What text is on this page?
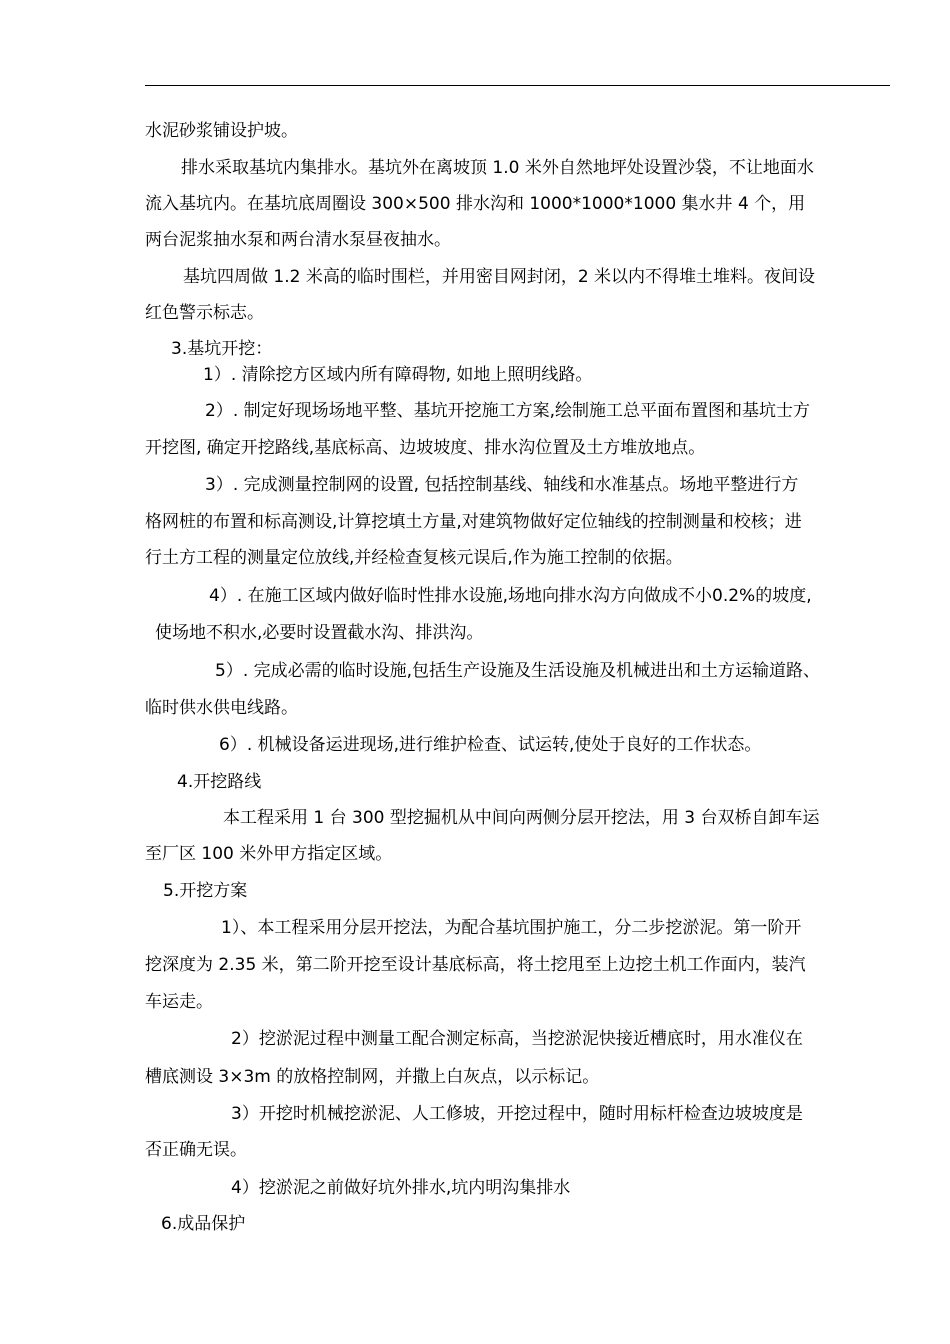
水泥砂浆铺设护坡。
排水采取基坑内集排水。基坑外在离坡顶 1.0 米外自然地坪处设置沙袋，不让地面水
流入基坑内。在基坑底周圈设 300×500 排水沟和 1000*1000*1000 集水井 4 个，用
两台泥浆抽水泵和两台清水泵昼夜抽水。
基坑四周做 1.2 米高的临时围栏，并用密目网封闭，2 米以内不得堆土堆料。夜间设
红色警示标志。
3.基坑开挖：
1）. 清除挖方区域内所有障碍物, 如地上照明线路。
2）. 制定好现场场地平整、基坑开挖施工方案,绘制施工总平面布置图和基坑士方
开挖图, 确定开挖路线,基底标高、边坡坡度、排水沟位置及土方堆放地点。
3）. 完成测量控制网的设置, 包括控制基线、轴线和水准基点。场地平整进行方
格网桩的布置和标高测设,计算挖填土方量,对建筑物做好定位轴线的控制测量和校核；进
行土方工程的测量定位放线,并经检查复核元误后,作为施工控制的依据。
4）. 在施工区域内做好临时性排水设施,场地向排水沟方向做成不小0.2%的坡度,
使场地不积水,必要时设置截水沟、排洪沟。
5）. 完成必需的临时设施,包括生产设施及生活设施及机械进出和土方运输道路、
临时供水供电线路。
6）. 机械设备运进现场,进行维护检查、试运转,使处于良好的工作状态。
4.开挖路线
本工程采用 1 台 300 型挖掘机从中间向两侧分层开挖法，用 3 台双桥自卸车运
至厂区 100 米外甲方指定区域。
5.开挖方案
1）、本工程采用分层开挖法，为配合基坑围护施工，分二步挖淤泥。第一阶开
挖深度为 2.35 米，第二阶开挖至设计基底标高，将土挖甩至上边挖土机工作面内，装汽
车运走。
2）挖淤泥过程中测量工配合测定标高，当挖淤泥快接近槽底时，用水准仪在
槽底测设 3×3m 的放格控制网，并撒上白灰点，以示标记。
3）开挖时机械挖淤泥、人工修坡，开挖过程中，随时用标杆检查边坡坡度是
否正确无误。
4）挖淤泥之前做好坑外排水,坑内明沟集排水
6.成品保护
